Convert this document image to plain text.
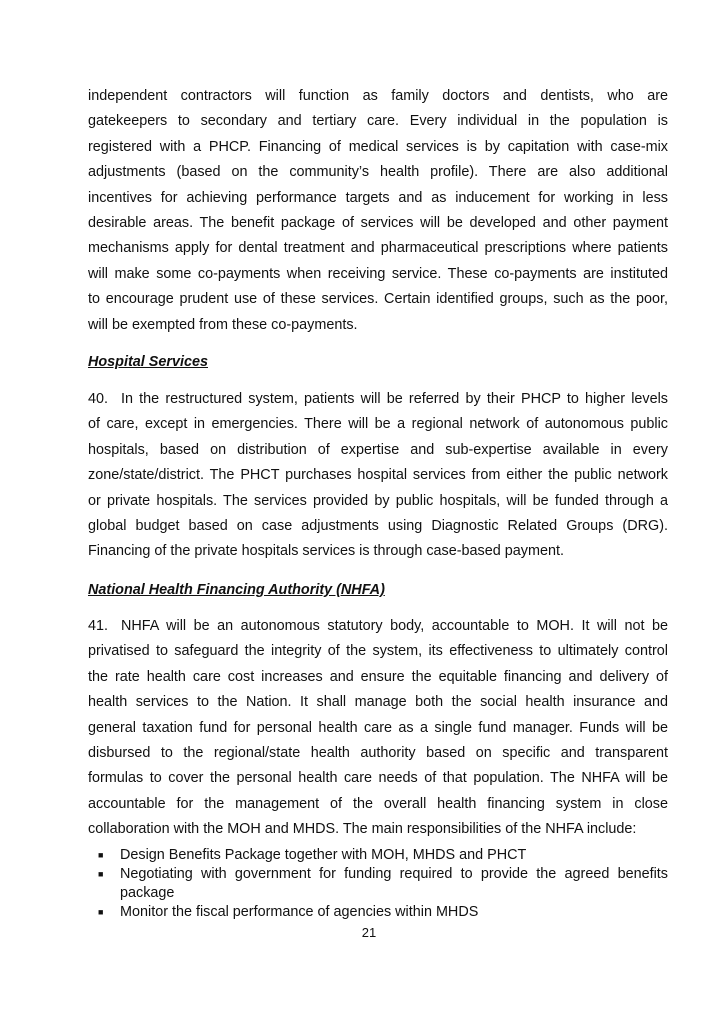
independent contractors will function as family doctors and dentists, who are
gatekeepers to secondary and tertiary care. Every individual in the population is
registered with a PHCP. Financing of medical services is by capitation with case-mix
adjustments (based on the community’s health profile). There are also additional
incentives for achieving performance targets and as inducement for working in less
desirable areas. The benefit package of services will be developed and other payment
mechanisms apply for dental treatment and pharmaceutical prescriptions where patients
will make some co-payments when receiving service. These co-payments are instituted
to encourage prudent use of these services. Certain identified groups, such as the poor,
will be exempted from these co-payments.
Hospital Services
40. In the restructured system, patients will be referred by their PHCP to higher levels
of care, except in emergencies. There will be a regional network of autonomous public
hospitals, based on distribution of expertise and sub-expertise available in every
zone/state/district. The PHCT purchases hospital services from either the public network
or private hospitals. The services provided by public hospitals, will be funded through a
global budget based on case adjustments using Diagnostic Related Groups (DRG).
Financing of the private hospitals services is through case-based payment.
National Health Financing Authority (NHFA)
41. NHFA will be an autonomous statutory body, accountable to MOH. It will not be
privatised to safeguard the integrity of the system, its effectiveness to ultimately control
the rate health care cost increases and ensure the equitable financing and delivery of
health services to the Nation. It shall manage both the social health insurance and
general taxation fund for personal health care as a single fund manager. Funds will be
disbursed to the regional/state health authority based on specific and transparent
formulas to cover the personal health care needs of that population. The NHFA will be
accountable for the management of the overall health financing system in close
collaboration with the MOH and MHDS. The main responsibilities of the NHFA include:
■	Design Benefits Package together with MOH, MHDS and PHCT
■	Negotiating with government for funding required to provide the agreed benefits package
■	Monitor the fiscal performance of agencies within MHDS
21
